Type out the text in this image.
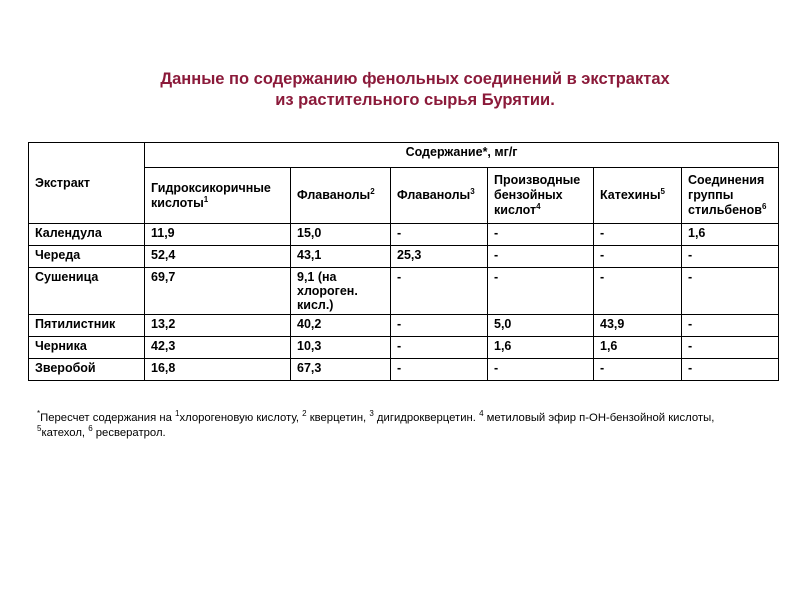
Данные по содержанию фенольных соединений в экстрактах
из растительного сырья Бурятии.
Экстракт	Содержание*, мг/г					
	Гидроксикоричные кислоты$^1$	Флаванолы$^2$	Флаванолы$^3$	Производные бензойных кислот$^4$	Катехины$^5$	Соединения группы стильбенов$^6$
Календула	11,9	15,0	-	-	-	1,6
Череда	52,4	43,1	25,3	-	-	-
Сушеница	69,7	9,1 (на хлороген. кисл.)	-	-	-	-
Пятилистник	13,2	40,2	-	5,0	43,9	-
Черника	42,3	10,3	-	1,6	1,6	-
Зверобой	16,8	67,3	-	-	-	-
*Пересчет содержания на $^1$хлорогеновую кислоту, $^2$ кверцетин, $^3$ дигидрокверцетин. $^4$ метиловый эфир п-ОН-бензойной кислоты,
$^5$катехол, $^6$ ресвератрол.
